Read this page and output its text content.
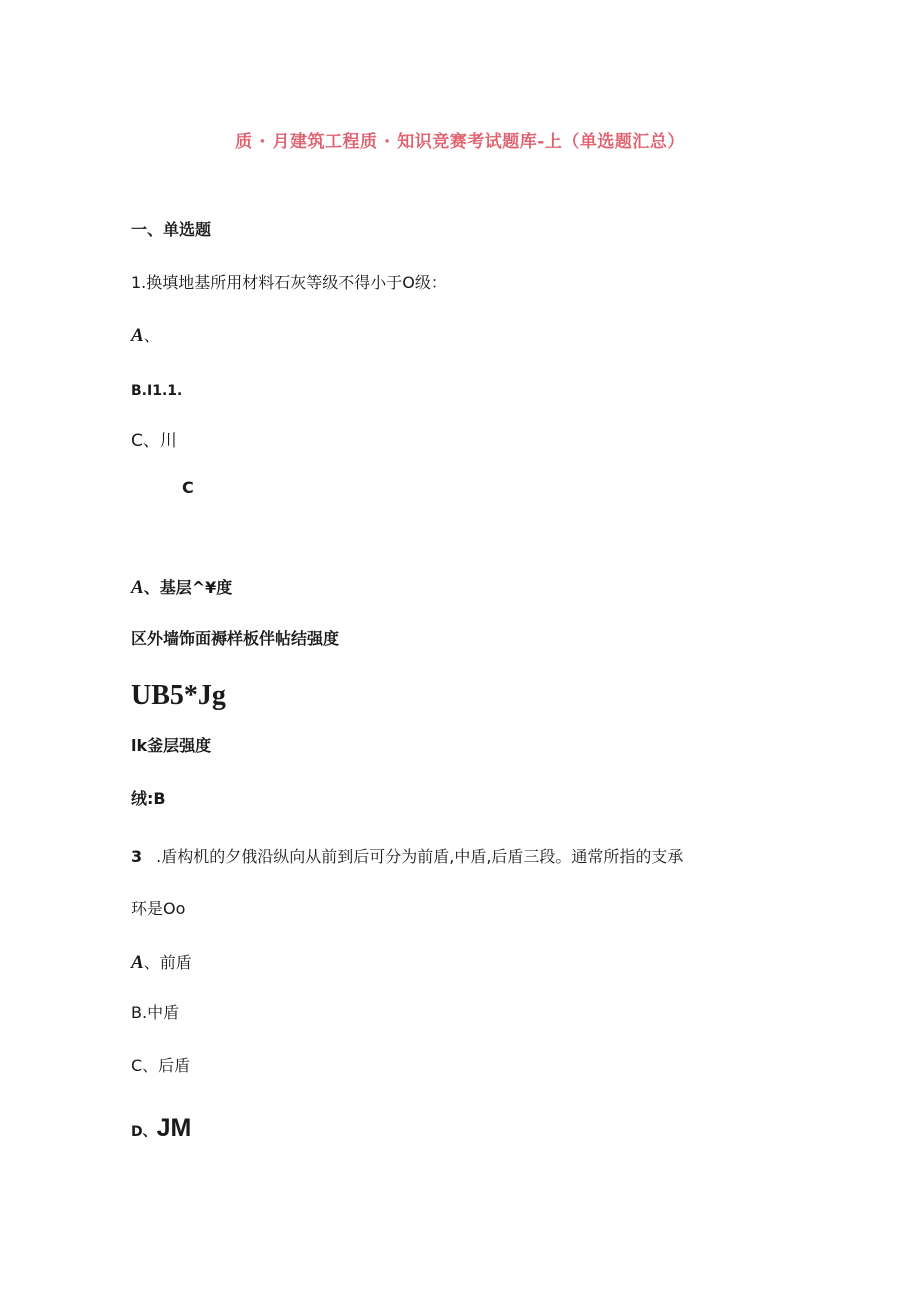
质 · 月建筑工程质 · 知识竞赛考试题库-上（单选题汇总）
一、单选题
1.换填地基所用材料石灰等级不得小于O级：
A、
B.I1.1.
C、川
C
A、基层^¥度
区外墙饰面褥样板伴帖结强度
UB5*Jg
lk釜层强度
绒:B
3 .盾构机的夕俄沿纵向从前到后可分为前盾,中盾,后盾三段。通常所指的支承
环是Oo
A、前盾
B.中盾
C、后盾
D、JM
